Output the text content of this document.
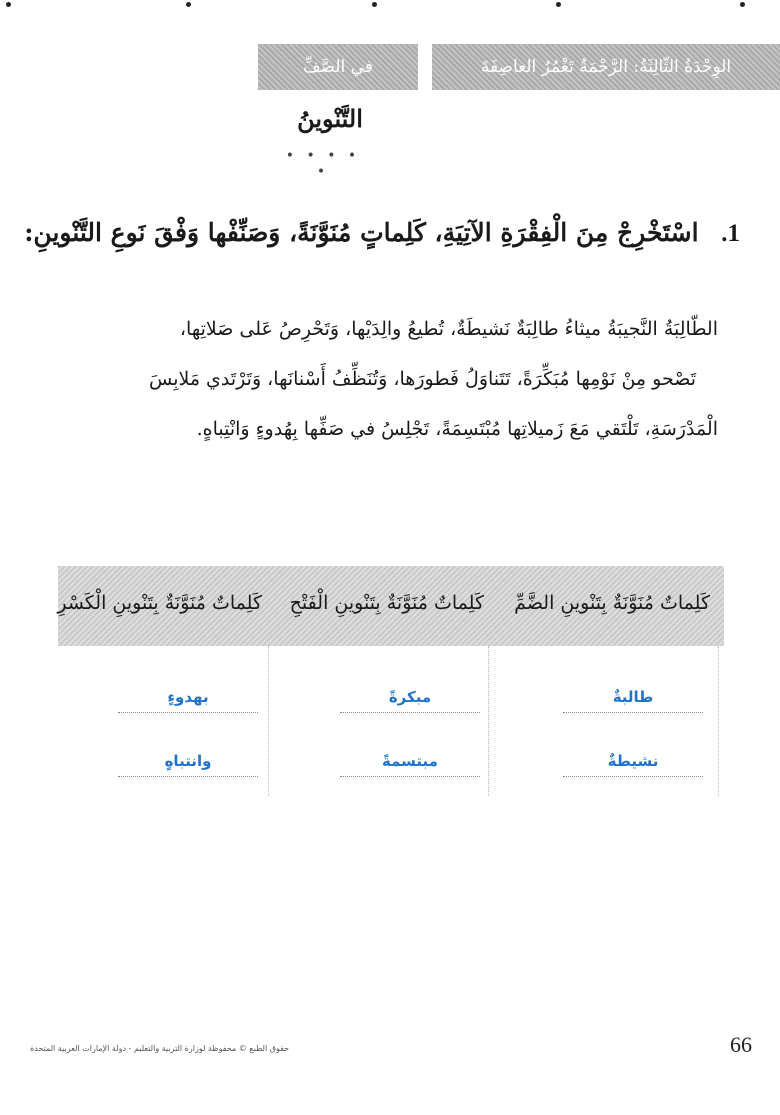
الوِحْدَةُ الثّالِثَةُ: الرَّحْمَةُ تَغْمُرُ العاصِفَةَ
في الصَّفِّ
التَّنْوينُ
• • • • •
1. اسْتَخْرِجْ مِنَ الْفِقْرَةِ الآتِيَةِ، كَلِماتٍ مُنَوَّنَةً، وَصَنِّفْها وَفْقَ نَوعِ التَّنْوينِ:
الطّالِبَةُ النَّجيبَةُ ميثاءُ طالِبَةٌ نَشيطَةٌ، تُطيعُ والِدَيْها، وَتَحْرِصُ عَلى صَلاتِها،
تَصْحو مِنْ نَوْمِها مُبَكِّرَةً، تَتَناوَلُ فَطورَها، وَتُنَظِّفُ أَسْنانَها، وَتَرْتَدي مَلابِسَ
الْمَدْرَسَةِ، تَلْتَقي مَعَ زَميلاتِها مُبْتَسِمَةً، تَجْلِسُ في صَفِّها بِهُدوءٍ وَانْتِباهٍ.
كَلِماتٌ مُنَوَّنَةٌ بِتَنْوينِ الضَّمِّ
كَلِماتٌ مُنَوَّنَةٌ بِتَنْوينِ الْفَتْحِ
كَلِماتٌ مُنَوَّنَةٌ بِتَنْوينِ الْكَسْرِ
طالبةٌ
مبكرةً
بهدوءٍ
نشيطةٌ
مبتسمةً
وانتباهٍ
حقوق الطبع © محفوظة لوزارة التربية والتعليم - دولة الإمارات العربية المتحدة	66
